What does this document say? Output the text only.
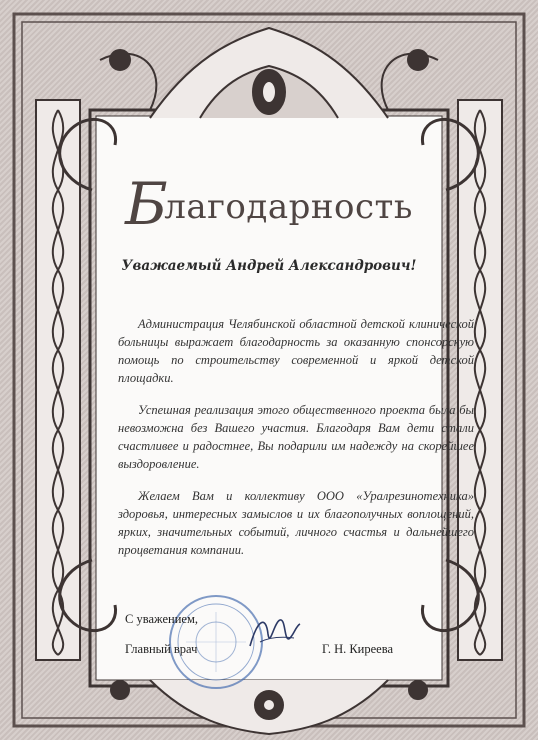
Благодарность
Уважаемый Андрей Александрович!

Администрация Челябинской областной детской клинической больницы выражает благодарность за оказанную спонсорскую помощь по строительству современной и яркой детской площадки.

Успешная реализация этого общественного проекта была бы невозможна без Вашего участия. Благодаря Вам дети стали счастливее и радостнее, Вы подарили им надежду на скорейшее выздоровление.

Желаем Вам и коллективу ООО «Уралрезинотехника» здоровья, интересных замыслов и их благополучных воплощений, ярких, значительных событий, личного счастья и дальнейшего процветания компании.

С уважением,
Главный врач	Г. Н. Киреева
